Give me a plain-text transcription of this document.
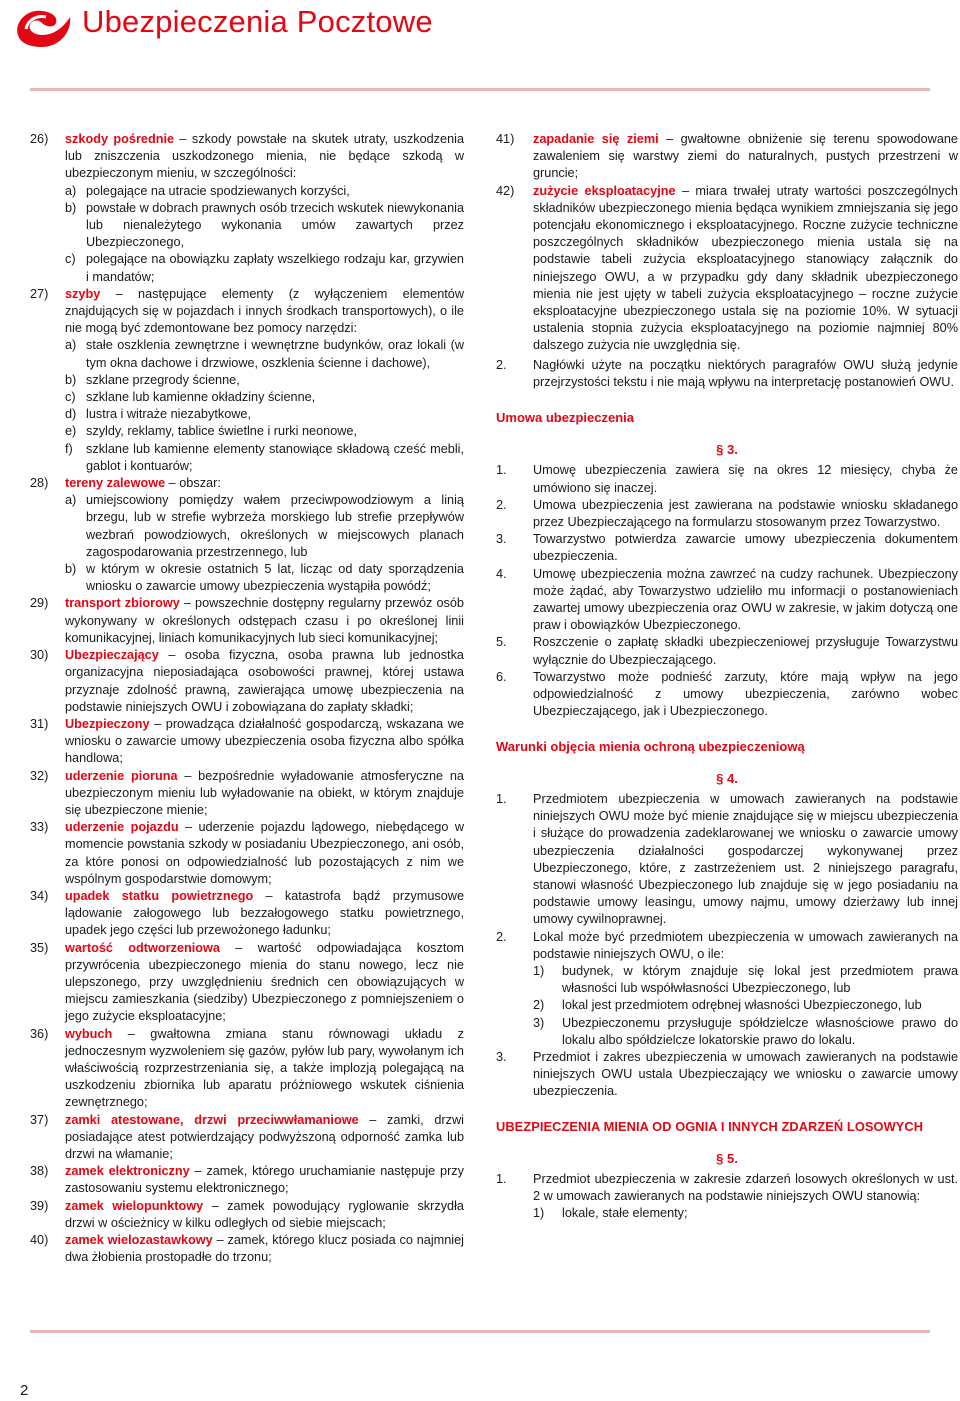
Ubezpieczenia Pocztowe
26)	szkody pośrednie – szkody powstałe na skutek utraty, uszkodzenia lub zniszczenia uszkodzonego mienia, nie będące szkodą w ubezpieczonym mieniu, w szczególności:
a) polegające na utracie spodziewanych korzyści,
b) powstałe w dobrach prawnych osób trzecich wskutek niewykonania lub nienależytego wykonania umów zawartych przez Ubezpieczonego,
c) polegające na obowiązku zapłaty wszelkiego rodzaju kar, grzywien i mandatów;
27)	szyby – następujące elementy (z wyłączeniem elementów znajdujących się w pojazdach i innych środkach transportowych), o ile nie mogą być zdemontowane bez pomocy narzędzi:
a) stałe oszklenia zewnętrzne i wewnętrzne budynków, oraz lokali (w tym okna dachowe i drzwiowe, oszklenia ścienne i dachowe),
b) szklane przegrody ścienne,
c) szklane lub kamienne okładziny ścienne,
d) lustra i witraże niezabytkowe,
e) szyldy, reklamy, tablice świetlne i rurki neonowe,
f)	szklane lub kamienne elementy stanowiące składową cześć mebli, gablot i kontuarów;
28)	tereny zalewowe – obszar:
a) umiejscowiony pomiędzy wałem przeciwpowodziowym a linią brzegu, lub w strefie wybrzeża morskiego lub strefie przepływów wezbrań powodziowych, określonych w miejscowych planach zagospodarowania przestrzennego, lub
b) w którym w okresie ostatnich 5 lat, licząc od daty sporządzenia wniosku o zawarcie umowy ubezpieczenia wystąpiła powódź;
29)	transport zbiorowy – powszechnie dostępny regularny przewóz osób wykonywany w określonych odstępach czasu i po określonej linii komunikacyjnej, liniach komunikacyjnych lub sieci komunikacyjnej;
30)	Ubezpieczający – osoba fizyczna, osoba prawna lub jednostka organizacyjna nieposiadająca osobowości prawnej, której ustawa przyznaje zdolność prawną, zawierająca umowę ubezpieczenia na podstawie niniejszych OWU i zobowiązana do zapłaty składki;
31)	Ubezpieczony – prowadząca działalność gospodarczą, wskazana we wniosku o zawarcie umowy ubezpieczenia osoba fizyczna albo spółka handlowa;
32)	uderzenie pioruna – bezpośrednie wyładowanie atmosferyczne na ubezpieczonym mieniu lub wyładowanie na obiekt, w którym znajduje się ubezpieczone mienie;
33)	uderzenie pojazdu – uderzenie pojazdu lądowego, niebędącego w momencie powstania szkody w posiadaniu Ubezpieczonego, ani osób, za które ponosi on odpowiedzialność lub pozostających z nim we wspólnym gospodarstwie domowym;
34)	upadek statku powietrznego – katastrofa bądź przymusowe lądowanie załogowego lub bezzałogowego statku powietrznego, upadek jego części lub przewożonego ładunku;
35)	wartość odtworzeniowa – wartość odpowiadająca kosztom przywrócenia ubezpieczonego mienia do stanu nowego, lecz nie ulepszonego, przy uwzględnieniu średnich cen obowiązujących w miejscu zamieszkania (siedziby) Ubezpieczonego z pomniejszeniem o jego zużycie eksploatacyjne;
36)	wybuch – gwałtowna zmiana stanu równowagi układu z jednoczesnym wyzwoleniem się gazów, pyłów lub pary, wywołanym ich właściwością rozprzestrzeniania się, a także implozją polegającą na uszkodzeniu zbiornika lub aparatu próżniowego wskutek ciśnienia zewnętrznego;
37)	zamki atestowane, drzwi przeciwwłamaniowe – zamki, drzwi posiadające atest potwierdzający podwyższoną odporność zamka lub drzwi na włamanie;
38)	zamek elektroniczny – zamek, którego uruchamianie następuje przy zastosowaniu systemu elektronicznego;
39)	zamek wielopunktowy – zamek powodujący ryglowanie skrzydła drzwi w ościeżnicy w kilku odległych od siebie miejscach;
40)	zamek wielozastawkowy – zamek, którego klucz posiada co najmniej dwa żłobienia prostopadłe do trzonu;
41)	zapadanie się ziemi – gwałtowne obniżenie się terenu spowodowane zawaleniem się warstwy ziemi do naturalnych, pustych przestrzeni w gruncie;
42)	zużycie eksploatacyjne – miara trwałej utraty wartości poszczególnych składników ubezpieczonego mienia będąca wynikiem zmniejszania się jego potencjału ekonomicznego i eksploatacyjnego. Roczne zużycie techniczne poszczególnych składników ubezpieczonego mienia ustala się na podstawie tabeli zużycia eksploatacyjnego stanowiący załącznik do niniejszego OWU, a w przypadku gdy dany składnik ubezpieczonego mienia nie jest ujęty w tabeli zużycia eksploatacyjnego – roczne zużycie eksploatacyjne ubezpieczonego ustala się na poziomie 10%. W sytuacji ustalenia stopnia zużycia eksploatacyjnego na poziomie najmniej 80% dalszego zużycia nie uwzględnia się.
2.	Nagłówki użyte na początku niektórych paragrafów OWU służą jedynie przejrzystości tekstu i nie mają wpływu na interpretację postanowień OWU.
Umowa ubezpieczenia
§ 3.
1.	Umowę ubezpieczenia zawiera się na okres 12 miesięcy, chyba że umówiono się inaczej.
2.	Umowa ubezpieczenia jest zawierana na podstawie wniosku składanego przez Ubezpieczającego na formularzu stosowanym przez Towarzystwo.
3.	Towarzystwo potwierdza zawarcie umowy ubezpieczenia dokumentem ubezpieczenia.
4.	Umowę ubezpieczenia można zawrzeć na cudzy rachunek. Ubezpieczony może żądać, aby Towarzystwo udzieliło mu informacji o postanowieniach zawartej umowy ubezpieczenia oraz OWU w zakresie, w jakim dotyczą one praw i obowiązków Ubezpieczonego.
5.	Roszczenie o zapłatę składki ubezpieczeniowej przysługuje Towarzystwu wyłącznie do Ubezpieczającego.
6.	Towarzystwo może podnieść zarzuty, które mają wpływ na jego odpowiedzialność z umowy ubezpieczenia, zarówno wobec Ubezpieczającego, jak i Ubezpieczonego.
Warunki objęcia mienia ochroną ubezpieczeniową
§ 4.
1.	Przedmiotem ubezpieczenia w umowach zawieranych na podstawie niniejszych OWU może być mienie znajdujące się w miejscu ubezpieczenia i służące do prowadzenia zadeklarowanej we wniosku o zawarcie umowy ubezpieczenia działalności gospodarczej wykonywanej przez Ubezpieczonego, które, z zastrzeżeniem ust. 2 niniejszego paragrafu, stanowi własność Ubezpieczonego lub znajduje się w jego posiadaniu na podstawie umowy leasingu, umowy najmu, umowy dzierżawy lub innej umowy cywilnoprawnej.
2.	Lokal może być przedmiotem ubezpieczenia w umowach zawieranych na podstawie niniejszych OWU, o ile:
1)	budynek, w którym znajduje się lokal jest przedmiotem prawa własności lub współwłasności Ubezpieczonego, lub
2)	lokal jest przedmiotem odrębnej własności Ubezpieczonego, lub
3)	Ubezpieczonemu przysługuje spółdzielcze własnościowe prawo do lokalu albo spółdzielcze lokatorskie prawo do lokalu.
3.	Przedmiot i zakres ubezpieczenia w umowach zawieranych na podstawie niniejszych OWU ustala Ubezpieczający we wniosku o zawarcie umowy ubezpieczenia.
UBEZPIECZENIA MIENIA OD OGNIA I INNYCH ZDARZEŃ LOSOWYCH
§ 5.
1.	Przedmiot ubezpieczenia w zakresie zdarzeń losowych określonych w ust. 2 w umowach zawieranych na podstawie niniejszych OWU stanowią:
1)	lokale, stałe elementy;
2
